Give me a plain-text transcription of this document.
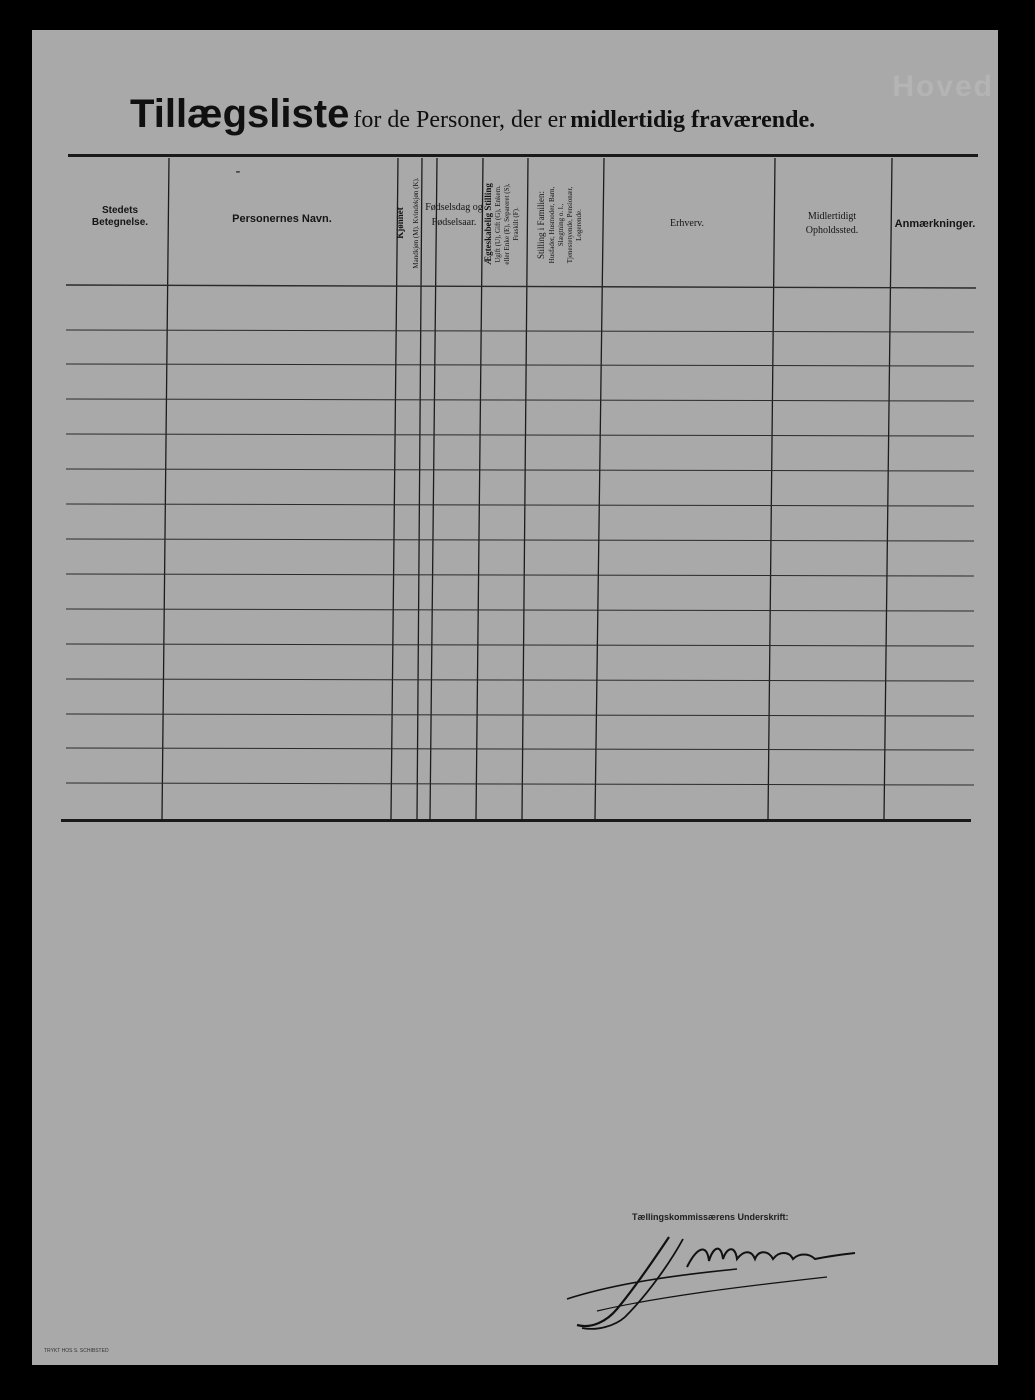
Hoved
Tillægsliste for de Personer, der er midlertidig fraværende.
Stedets Betegnelse.	Personernes Navn.
-
Kjønnet Mandkjøn (M). Kvindekjøn (K). Fødselsdag og Fødselsaar. Ægteskabelig Stilling Ugift (U), Gift (G), Enkem. eller Enke (E), Separeret (S), Fraskilt (F). Stilling i Familien: Husfader, Husmoder, Barn, Slægtning o. l., Tjenestetyende, Pensionær, Logerende.	Erhverv.
Midlertidigt Opholdssted.
Anmærkninger.
Tællingskommissærens Underskrift:
TRYKT HOS S. SCHIBSTED
